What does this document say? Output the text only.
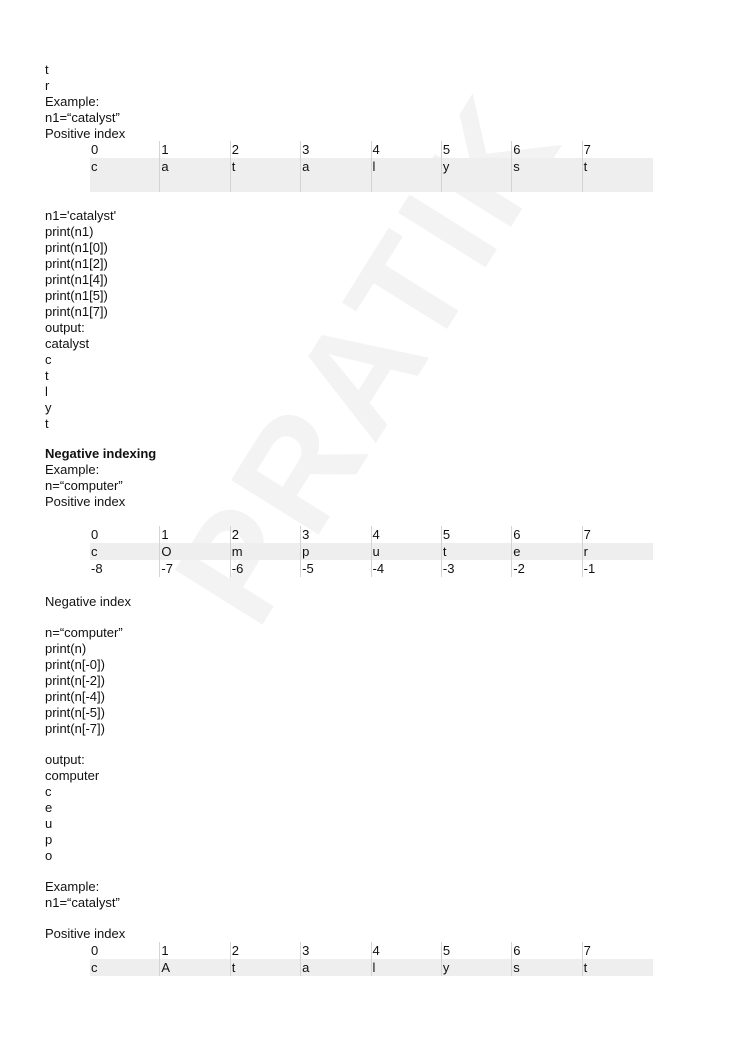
t
r
Example:
n1=“catalyst”
Positive index
0	1	2	3	4	5	6	7
c	a	t	a	l	y	s	t
n1='catalyst'
print(n1)
print(n1[0])
print(n1[2])
print(n1[4])
print(n1[5])
print(n1[7])
output:
catalyst
c
t
l
y
t
Negative indexing
Example:
n=“computer”
Positive index
0	1	2	3	4	5	6	7
c	O	m	p	u	t	e	r
-8	-7	-6	-5	-4	-3	-2	-1
Negative index
n=“computer”
print(n)
print(n[-0])
print(n[-2])
print(n[-4])
print(n[-5])
print(n[-7])
output:
computer
c
e
u
p
o
Example:
n1=“catalyst”
Positive index
0	1	2	3	4	5	6	7
c	A	t	a	l	y	s	t
